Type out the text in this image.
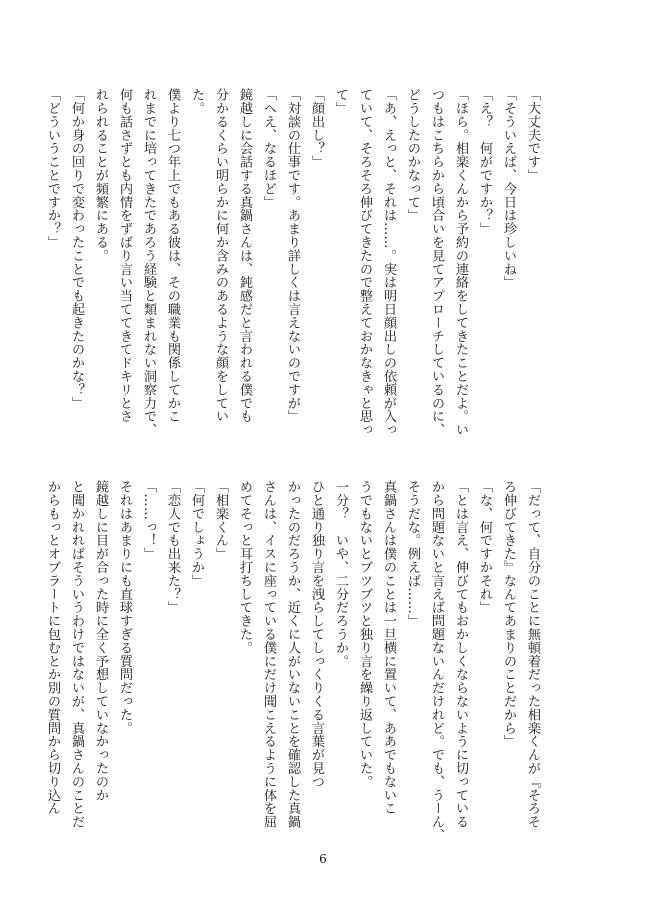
「大丈夫です」

「そういえば、今日は珍しいね」

「え？　何がですか？」

「ほら。相楽くんから予約の連絡をしてきたことだよ。い

つもはこちらから頃合いを見てアプローチしているのに、

どうしたのかなって」

「あ、えっと、それは……。実は明日顔出しの依頼が入っ

ていて、そろそろ伸びてきたので整えておかなきゃと思っ

て」

「顔出し？」

「対談の仕事です。あまり詳しくは言えないのですが」

「へえ、なるほど」

鏡越しに会話する真鍋さんは、鈍感だと言われる僕でも

分かるくらい明らかに何か含みのあるような顔をしてい

た。

僕より七つ年上でもある彼は、その職業も関係してかこ

れまでに培ってきたであろう経験と類まれない洞察力で、

何も話さずとも内情をずばり言い当ててきてドキリとさ

れられることが頻繁にある。

「何か身の回りで変わったことでも起きたのかな？」

「どういうことですか？」

「だって、自分のことに無頓着だった相楽くんが『そろそ

ろ伸びてきた』なんてあまりのことだから」

「な、何ですかそれ」

「とは言え、伸びてもおかしくならないように切っている

から問題ないと言えば問題ないんだけれど。でも、うーん、

そうだな。例えば……」

真鍋さんは僕のことは一旦横に置いて、ああでもないこ

うでもないとブツブツと独り言を繰り返していた。

一分？　いや、二分だろうか。

ひと通り独り言を洩らしてしっくりくる言葉が見つ

かったのだろうか、近くに人がいないことを確認した真鍋

さんは、イスに座っている僕にだけ聞こえるように体を屈

めてそっと耳打ちしてきた。

「相楽くん」

「何でしょうか」

「恋人でも出来た？」

「……っ！」

それはあまりにも直球すぎる質問だった。

鏡越しに目が合った時に全く予想していなかったのか

と聞かれればそういうわけではないが、真鍋さんのことだ

からもっとオブラートに包むとか別の質問から切り込ん

6
